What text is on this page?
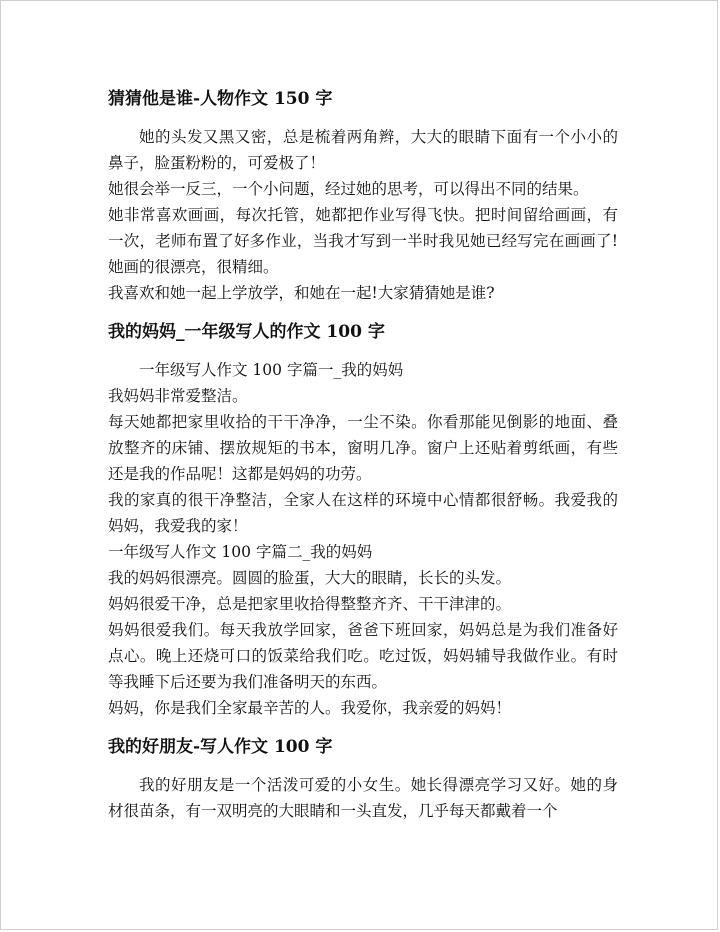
猜猜他是谁-人物作文 150 字

她的头发又黑又密，总是梳着两角辫，大大的眼睛下面有一个小小的鼻子，脸蛋粉粉的，可爱极了！

她很会举一反三，一个小问题，经过她的思考，可以得出不同的结果。

她非常喜欢画画，每次托管，她都把作业写得飞快。把时间留给画画，有一次，老师布置了好多作业，当我才写到一半时我见她已经写完在画画了!她画的很漂亮，很精细。

我喜欢和她一起上学放学，和她在一起!大家猜猜她是谁?

我的妈妈_一年级写人的作文 100 字

一年级写人作文 100 字篇一_我的妈妈

我妈妈非常爱整洁。

每天她都把家里收拾的干干净净，一尘不染。你看那能见倒影的地面、叠放整齐的床铺、摆放规矩的书本，窗明几净。窗户上还贴着剪纸画，有些还是我的作品呢！这都是妈妈的功劳。

我的家真的很干净整洁，全家人在这样的环境中心情都很舒畅。我爱我的妈妈，我爱我的家！

一年级写人作文 100 字篇二_我的妈妈

我的妈妈很漂亮。圆圆的脸蛋，大大的眼睛，长长的头发。

妈妈很爱干净，总是把家里收拾得整整齐齐、干干津津的。

妈妈很爱我们。每天我放学回家，爸爸下班回家，妈妈总是为我们准备好点心。晚上还烧可口的饭菜给我们吃。吃过饭，妈妈辅导我做作业。有时等我睡下后还要为我们准备明天的东西。

妈妈，你是我们全家最辛苦的人。我爱你，我亲爱的妈妈！

我的好朋友-写人作文 100 字

我的好朋友是一个活泼可爱的小女生。她长得漂亮学习又好。她的身材很苗条，有一双明亮的大眼睛和一头直发，几乎每天都戴着一个
